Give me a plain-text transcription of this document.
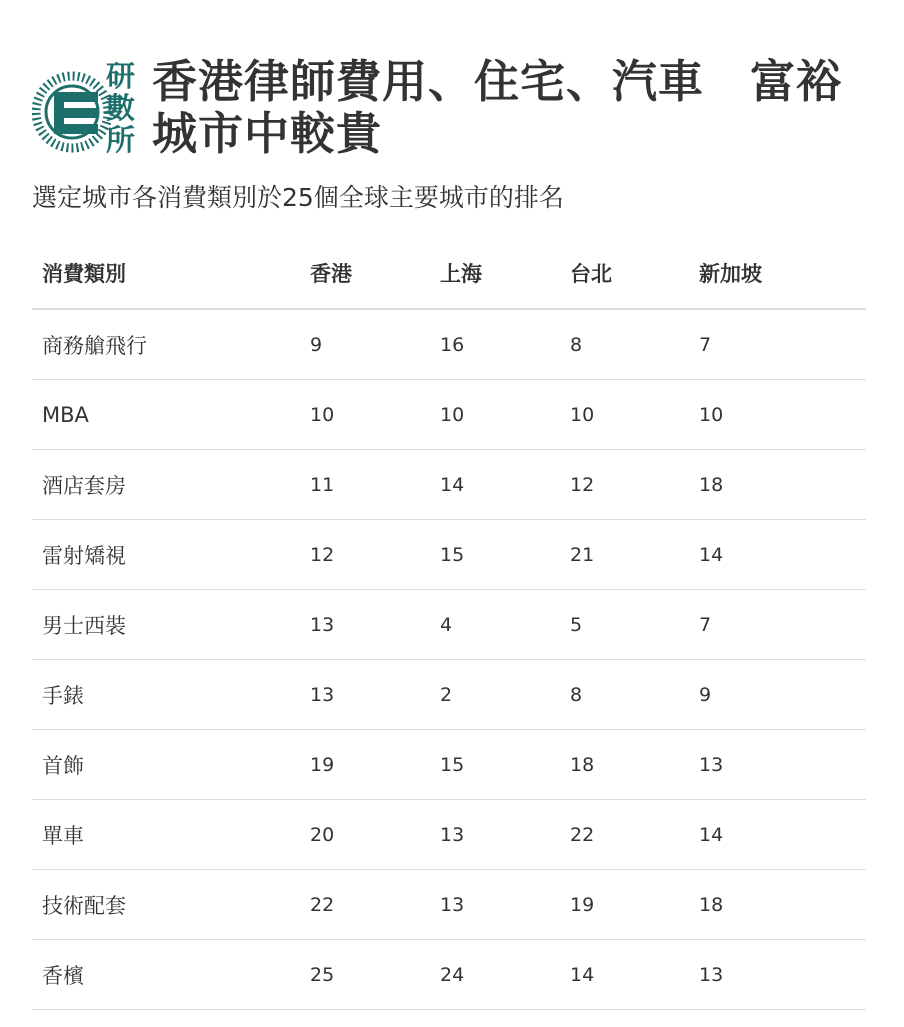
研
數
所
香港律師費用、住宅、汽車　富裕城市中較貴

選定城市各消費類別於25個全球主要城市的排名

消費類別	香港	上海	台北	新加坡
商務艙飛行	9	16	8	7
MBA	10	10	10	10
酒店套房	11	14	12	18
雷射矯視	12	15	21	14
男士西裝	13	4	5	7
手錶	13	2	8	9
首飾	19	15	18	13
單車	20	13	22	14
技術配套	22	13	19	18
香檳	25	24	14	13
